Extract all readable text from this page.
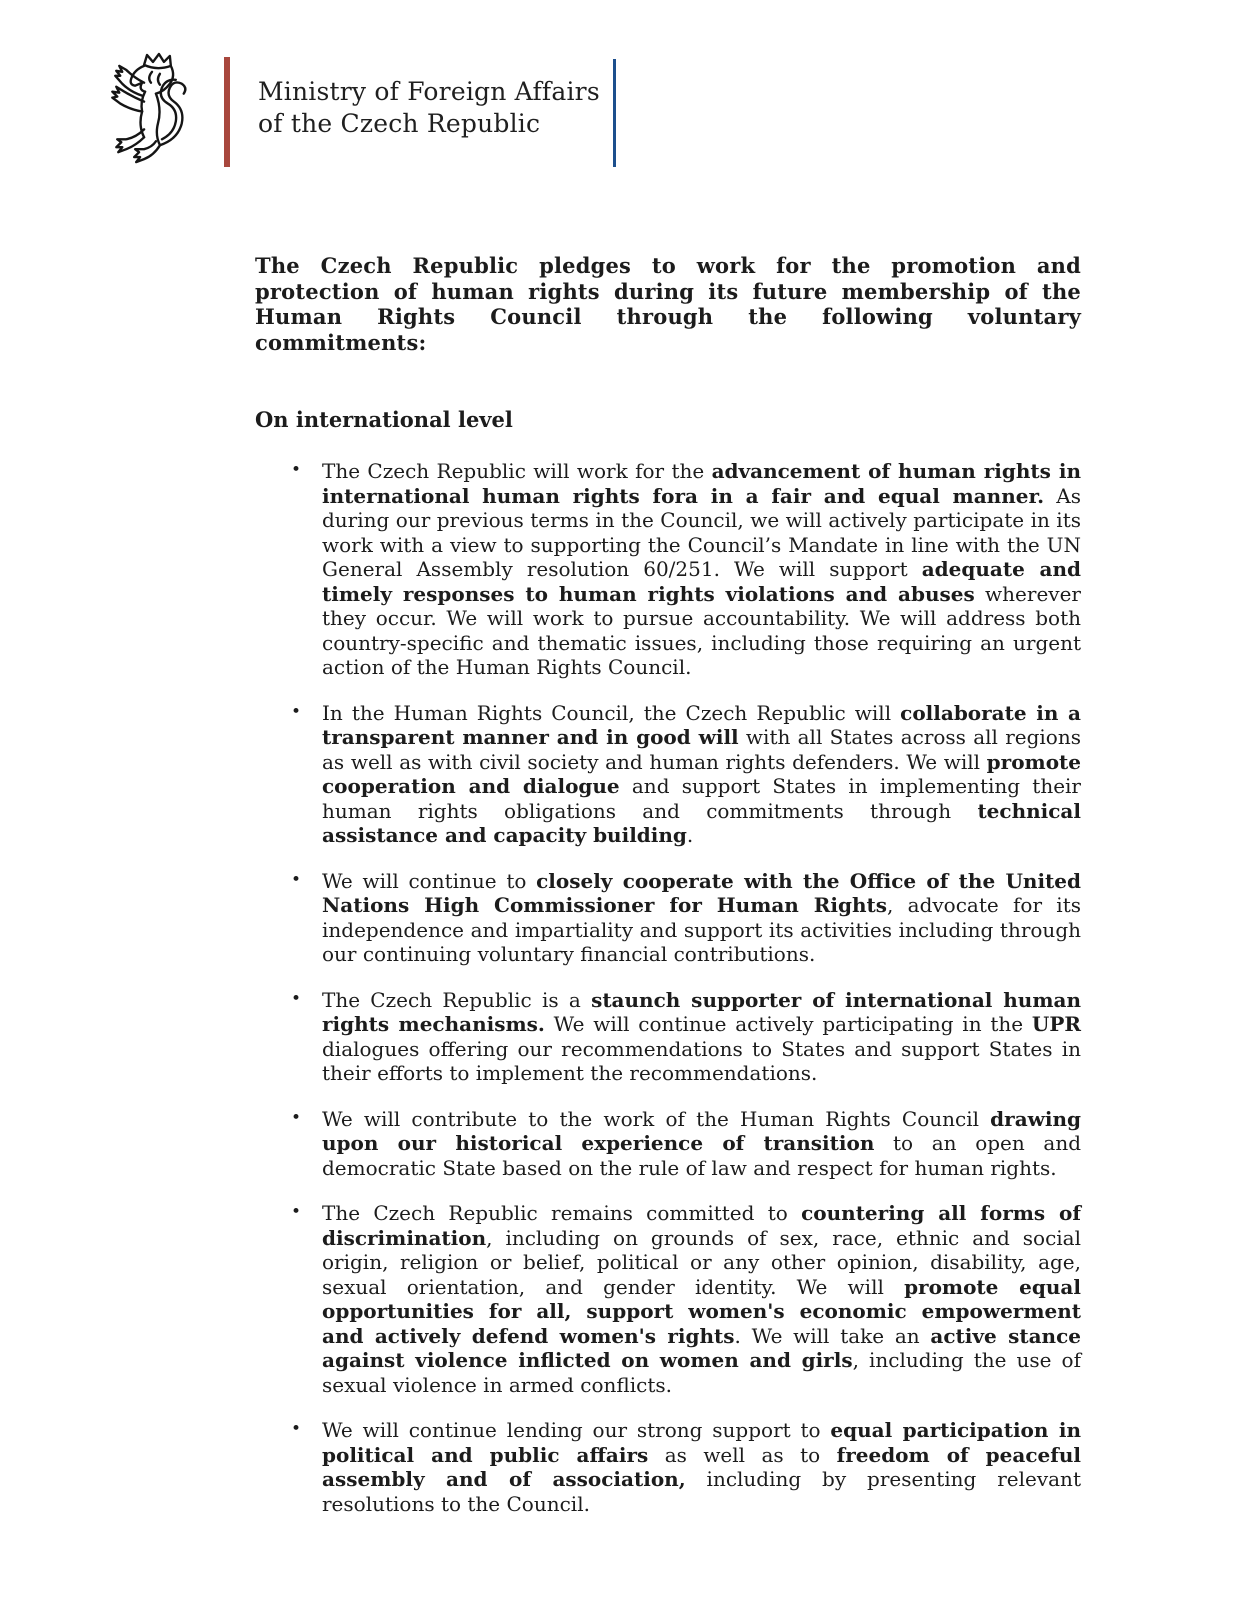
Ministry of Foreign Affairs
of the Czech Republic

The Czech Republic pledges to work for the promotion and protection of human rights during its future membership of the Human Rights Council through the following voluntary commitments:

On international level
• The Czech Republic will work for the advancement of human rights in international human rights fora in a fair and equal manner. As during our previous terms in the Council, we will actively participate in its work with a view to supporting the Council’s Mandate in line with the UN General Assembly resolution 60/251. We will support adequate and timely responses to human rights violations and abuses wherever they occur. We will work to pursue accountability. We will address both country-specific and thematic issues, including those requiring an urgent action of the Human Rights Council.
• In the Human Rights Council, the Czech Republic will collaborate in a transparent manner and in good will with all States across all regions as well as with civil society and human rights defenders. We will promote cooperation and dialogue and support States in implementing their human rights obligations and commitments through technical assistance and capacity building.
• We will continue to closely cooperate with the Office of the United Nations High Commissioner for Human Rights, advocate for its independence and impartiality and support its activities including through our continuing voluntary financial contributions.
• The Czech Republic is a staunch supporter of international human rights mechanisms. We will continue actively participating in the UPR dialogues offering our recommendations to States and support States in their efforts to implement the recommendations.
• We will contribute to the work of the Human Rights Council drawing upon our historical experience of transition to an open and democratic State based on the rule of law and respect for human rights.
• The Czech Republic remains committed to countering all forms of discrimination, including on grounds of sex, race, ethnic and social origin, religion or belief, political or any other opinion, disability, age, sexual orientation, and gender identity. We will promote equal opportunities for all, support women's economic empowerment and actively defend women's rights. We will take an active stance against violence inflicted on women and girls, including the use of sexual violence in armed conflicts.
• We will continue lending our strong support to equal participation in political and public affairs as well as to freedom of peaceful assembly and of association, including by presenting relevant resolutions to the Council.
